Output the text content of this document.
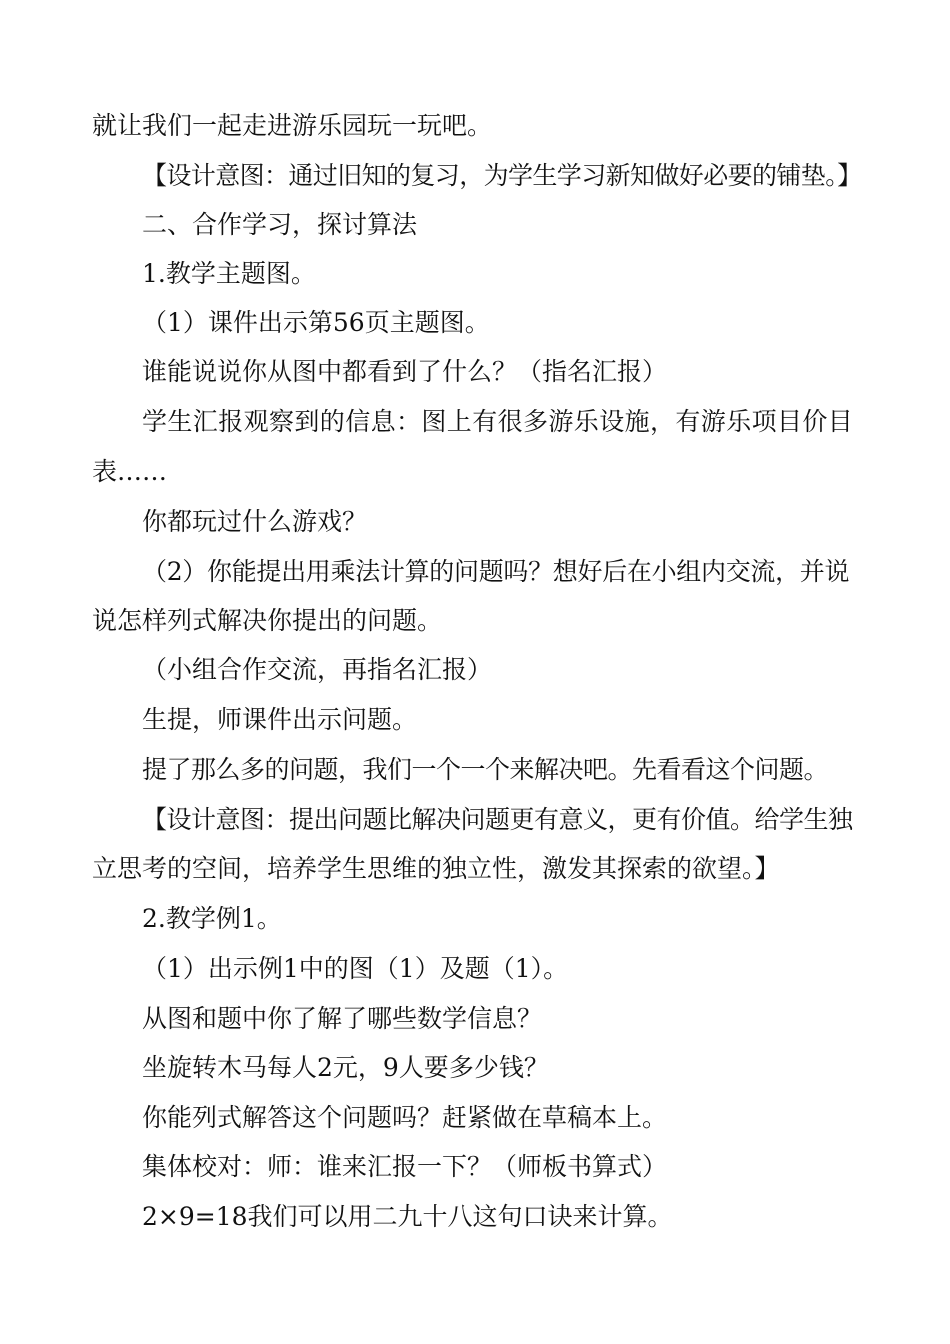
就让我们一起走进游乐园玩一玩吧。
【设计意图：通过旧知的复习，为学生学习新知做好必要的铺垫。】
二、合作学习，探讨算法
1.教学主题图。
（1）课件出示第56页主题图。
谁能说说你从图中都看到了什么？（指名汇报）
学生汇报观察到的信息：图上有很多游乐设施，有游乐项目价目
表……
你都玩过什么游戏？
（2）你能提出用乘法计算的问题吗？想好后在小组内交流，并说
说怎样列式解决你提出的问题。
（小组合作交流，再指名汇报）
生提，师课件出示问题。
提了那么多的问题，我们一个一个来解决吧。先看看这个问题。
【设计意图：提出问题比解决问题更有意义，更有价值。给学生独
立思考的空间，培养学生思维的独立性，激发其探索的欲望。】
2.教学例1。
（1）出示例1中的图（1）及题（1）。
从图和题中你了解了哪些数学信息？
坐旋转木马每人2元，9人要多少钱？
你能列式解答这个问题吗？赶紧做在草稿本上。
集体校对：师：谁来汇报一下？（师板书算式）
2×9=18我们可以用二九十八这句口诀来计算。
